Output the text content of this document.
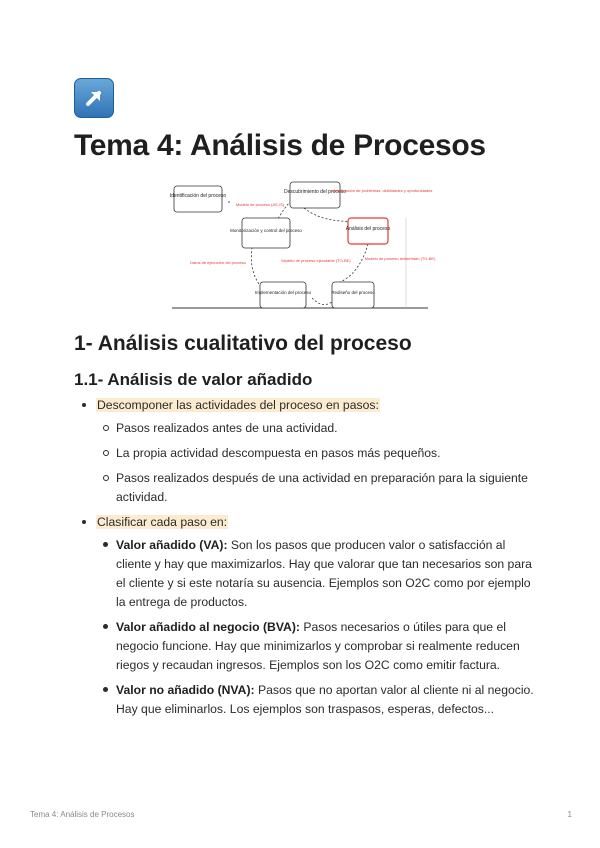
Tema 4: Análisis de Procesos
Identificación del proceso
Descubrimiento del proceso
Análisis del proceso
Rediseño del proceso
Implementación del proceso
Monitorización y control del proceso
Modelo de proceso (AS-IS)
Identificación de problemas, debilidades y oportunidades
Modelo de proceso rediseñado (TO-BE)
Modelo de proceso ejecutable (TO-BE)
Datos de ejecución del proceso
1- Análisis cualitativo del proceso
1.1- Análisis de valor añadido
Descomponer las actividades del proceso en pasos:
Pasos realizados antes de una actividad.
La propia actividad descompuesta en pasos más pequeños.
Pasos realizados después de una actividad en preparación para la siguiente actividad.
Clasificar cada paso en:
Valor añadido (VA): Son los pasos que producen valor o satisfacción al cliente y hay que maximizarlos. Hay que valorar que tan necesarios son para el cliente y si este notaría su ausencia. Ejemplos son O2C como por ejemplo la entrega de productos.
Valor añadido al negocio (BVA): Pasos necesarios o útiles para que el negocio funcione. Hay que minimizarlos y comprobar si realmente reducen riegos y recaudan ingresos. Ejemplos son los O2C como emitir factura.
Valor no añadido (NVA): Pasos que no aportan valor al cliente ni al negocio. Hay que eliminarlos. Los ejemplos son traspasos, esperas, defectos...
Tema 4: Análisis de Procesos	1
